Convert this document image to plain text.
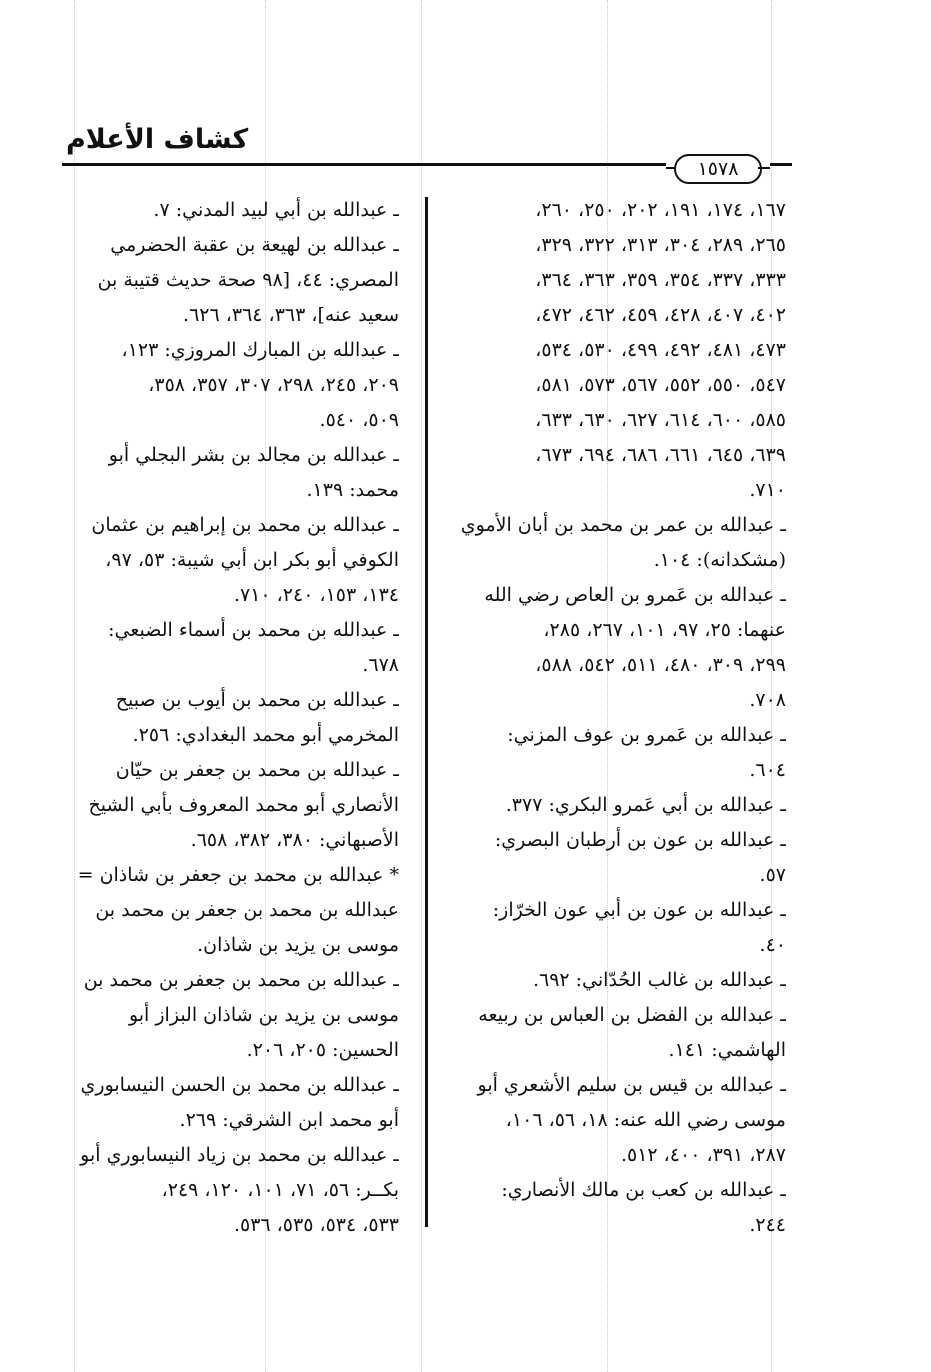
كشاف الأعلام
١٥٧٨
١٦٧، ١٧٤، ١٩١، ٢٠٢، ٢٥٠، ٢٦٠،
٢٦٥، ٢٨٩، ٣٠٤، ٣١٣، ٣٢٢، ٣٢٩،
٣٣٣، ٣٣٧، ٣٥٤، ٣٥٩، ٣٦٣، ٣٦٤،
٤٠٢، ٤٠٧، ٤٢٨، ٤٥٩، ٤٦٢، ٤٧٢،
٤٧٣، ٤٨١، ٤٩٢، ٤٩٩، ٥٣٠، ٥٣٤،
٥٤٧، ٥٥٠، ٥٥٢، ٥٦٧، ٥٧٣، ٥٨١،
٥٨٥، ٦٠٠، ٦١٤، ٦٢٧، ٦٣٠، ٦٣٣،
٦٣٩، ٦٤٥، ٦٦١، ٦٨٦، ٦٩٤، ٦٧٣،
٧١٠.
ـ عبدالله بن عمر بن محمد بن أبان الأموي
(مشكدانه): ١٠٤.
ـ عبدالله بن عَمرو بن العاص رضي الله
عنهما: ٢٥، ٩٧، ١٠١، ٢٦٧، ٢٨٥،
٢٩٩، ٣٠٩، ٤٨٠، ٥١١، ٥٤٢، ٥٨٨،
٧٠٨.
ـ عبدالله بن عَمرو بن عوف المزني:
٦٠٤.
ـ عبدالله بن أبي عَمرو البكري: ٣٧٧.
ـ عبدالله بن عون بن أرطبان البصري:
٥٧.
ـ عبدالله بن عون بن أبي عون الخرّاز:
٤٠.
ـ عبدالله بن غالب الحُدّاني: ٦٩٢.
ـ عبدالله بن الفضل بن العباس بن ربيعه
الهاشمي: ١٤١.
ـ عبدالله بن قيس بن سليم الأشعري أبو
موسى رضي الله عنه: ١٨، ٥٦، ١٠٦،
٢٨٧، ٣٩١، ٤٠٠، ٥١٢.
ـ عبدالله بن كعب بن مالك الأنصاري:
٢٤٤.
ـ عبدالله بن أبي لبيد المدني: ٧.
ـ عبدالله بن لهيعة بن عقبة الحضرمي
المصري: ٤٤، [٩٨ صحة حديث قتيبة بن
سعيد عنه]، ٣٦٣، ٣٦٤، ٦٢٦.
ـ عبدالله بن المبارك المروزي: ١٢٣،
٢٠٩، ٢٤٥، ٢٩٨، ٣٠٧، ٣٥٧، ٣٥٨،
٥٠٩، ٥٤٠.
ـ عبدالله بن مجالد بن بشر البجلي أبو
محمد: ١٣٩.
ـ عبدالله بن محمد بن إبراهيم بن عثمان
الكوفي أبو بكر ابن أبي شيبة: ٥٣، ٩٧،
١٣٤، ١٥٣، ٢٤٠، ٧١٠.
ـ عبدالله بن محمد بن أسماء الضبعي:
٦٧٨.
ـ عبدالله بن محمد بن أيوب بن صبيح
المخرمي أبو محمد البغدادي: ٢٥٦.
ـ عبدالله بن محمد بن جعفر بن حيّان
الأنصاري أبو محمد المعروف بأبي الشيخ
الأصبهاني: ٣٨٠، ٣٨٢، ٦٥٨.
* عبدالله بن محمد بن جعفر بن شاذان =
عبدالله بن محمد بن جعفر بن محمد بن
موسى بن يزيد بن شاذان.
ـ عبدالله بن محمد بن جعفر بن محمد بن
موسى بن يزيد بن شاذان البزاز أبو
الحسين: ٢٠٥، ٢٠٦.
ـ عبدالله بن محمد بن الحسن النيسابوري
أبو محمد ابن الشرقي: ٢٦٩.
ـ عبدالله بن محمد بن زياد النيسابوري أبو
بكــر: ٥٦، ٧١، ١٠١، ١٢٠، ٢٤٩،
٥٣٣، ٥٣٤، ٥٣٥، ٥٣٦.
